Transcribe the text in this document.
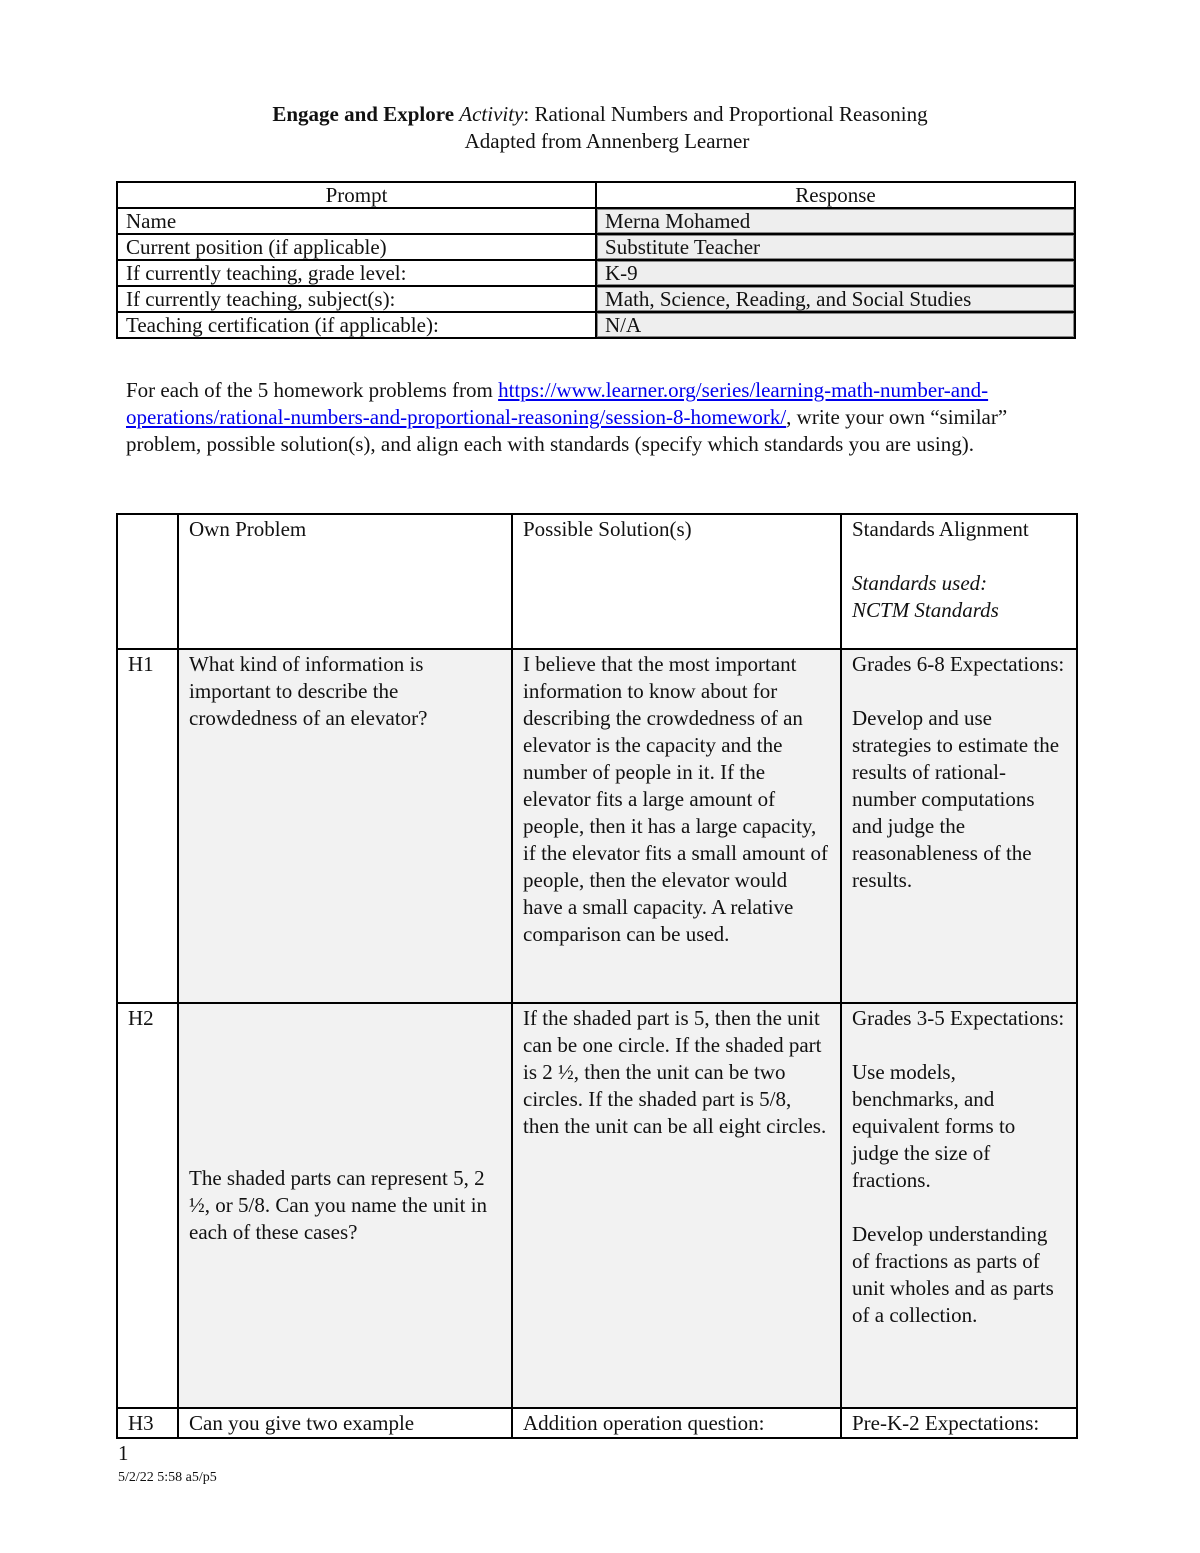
Engage and Explore Activity: Rational Numbers and Proportional Reasoning
Adapted from Annenberg Learner
Prompt	Response
Name	Merna Mohamed
Current position (if applicable)	Substitute Teacher
If currently teaching, grade level:	K-9
If currently teaching, subject(s):	Math, Science, Reading, and Social Studies
Teaching certification (if applicable):	N/A
For each of the 5 homework problems from https://www.learner.org/series/learning-math-number-and-operations/rational-numbers-and-proportional-reasoning/session-8-homework/, write your own “similar” problem, possible solution(s), and align each with standards (specify which standards you are using).
	Own Problem	Possible Solution(s)	Standards Alignment
Standards used:
NCTM Standards

H1	What kind of information is important to describe the crowdedness of an elevator?	I believe that the most important information to know about for describing the crowdedness of an elevator is the capacity and the number of people in it. If the elevator fits a large amount of people, then it has a large capacity, if the elevator fits a small amount of people, then the elevator would have a small capacity. A relative comparison can be used.	Grades 6-8 Expectations:
Develop and use strategies to estimate the results of rational-number computations and judge the reasonableness of the results.

H2	The shaded parts can represent 5, 2 ½, or 5/8. Can you name the unit in each of these cases?	If the shaded part is 5, then the unit can be one circle. If the shaded part is 2 ½, then the unit can be two circles. If the shaded part is 5/8, then the unit can be all eight circles.	Grades 3-5 Expectations:
Use models, benchmarks, and equivalent forms to judge the size of fractions.
Develop understanding of fractions as parts of unit wholes and as parts of a collection.

H3	Can you give two example	Addition operation question:	Pre-K-2 Expectations:
1
5/2/22 5:58 a5/p5
